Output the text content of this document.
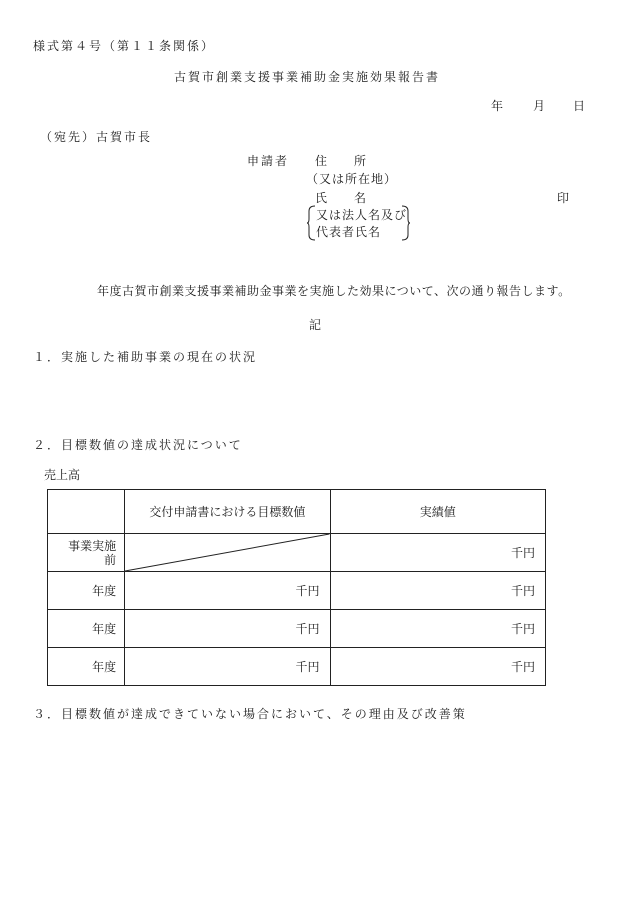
様式第４号（第１１条関係）
古賀市創業支援事業補助金実施効果報告書
年 月 日
（宛先）古賀市長
申請者 住　　所
（又は所在地）
氏　　名	印
又は法人名及び
代表者氏名
年度古賀市創業支援事業補助金事業を実施した効果について、次の通り報告します。
記
１．実施した補助事業の現在の状況
２．目標数値の達成状況について
売上高
	交付申請書における目標数値	実績値
事業実施前		千円
年度	千円	千円
年度	千円	千円
年度	千円	千円
３．目標数値が達成できていない場合において、その理由及び改善策
